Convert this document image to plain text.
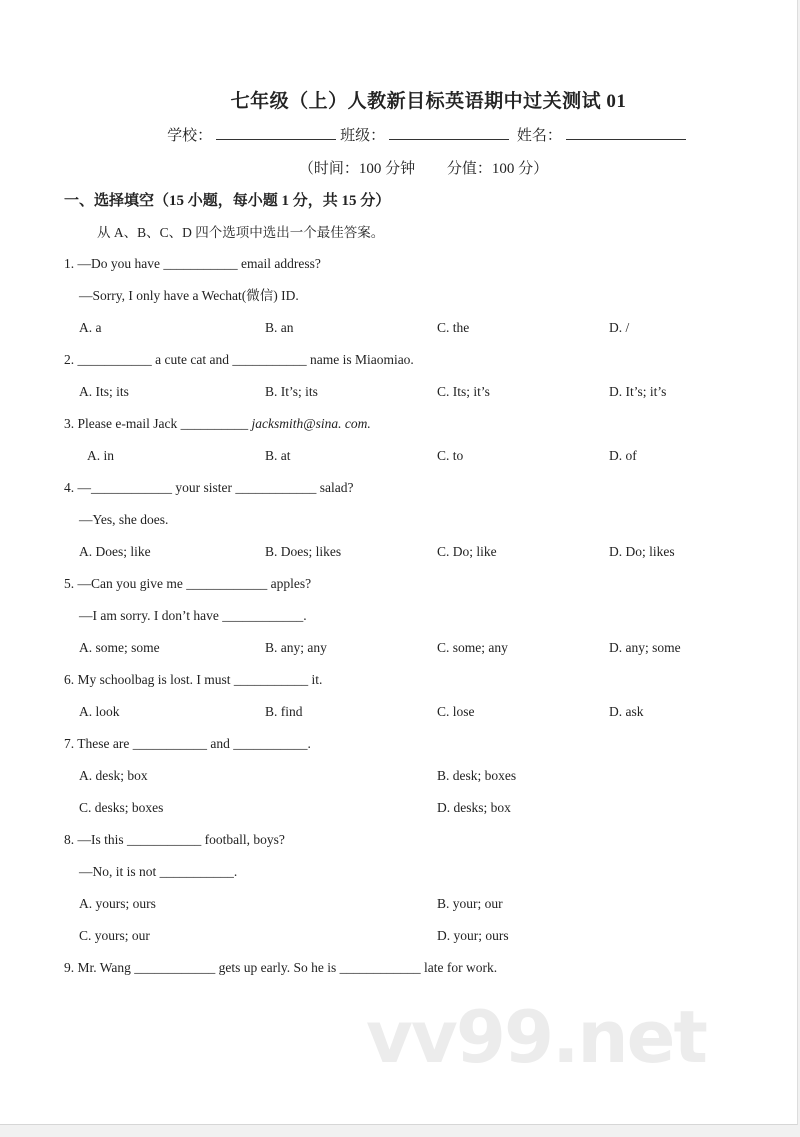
七年级（上）人教新目标英语期中过关测试 01
学校：	班级：	姓名：
（时间：100 分钟 分值：100 分）
一、选择填空（15 小题，每小题 1 分，共 15 分）
从 A、B、C、D 四个选项中选出一个最佳答案。
1. —Do you have ___________ email address?
—Sorry, I only have a Wechat(微信) ID.
A. a	B. an	C. the	D. /
2. ___________ a cute cat and ___________ name is Miaomiao.
A. Its; its	B. It’s; its	C. Its; it’s	D. It’s; it’s
3. Please e-mail Jack __________ jacksmith@sina. com.
A. in	B. at	C. to	D. of
4. —____________ your sister ____________ salad?
—Yes, she does.
A. Does; like	B. Does; likes	C. Do; like	D. Do; likes
5. —Can you give me ____________ apples?
—I am sorry. I don’t have ____________.
A. some; some	B. any; any	C. some; any	D. any; some
6. My schoolbag is lost. I must ___________ it.
A. look	B. find	C. lose	D. ask
7. These are ___________ and ___________.
A. desk; box	B. desk; boxes
C. desks; boxes	D. desks; box
8. —Is this ___________ football, boys?
—No, it is not ___________.
A. yours; ours	B. your; our
C. yours; our	D. your; ours
9. Mr. Wang ____________ gets up early. So he is ____________ late for work.
vv99.net
